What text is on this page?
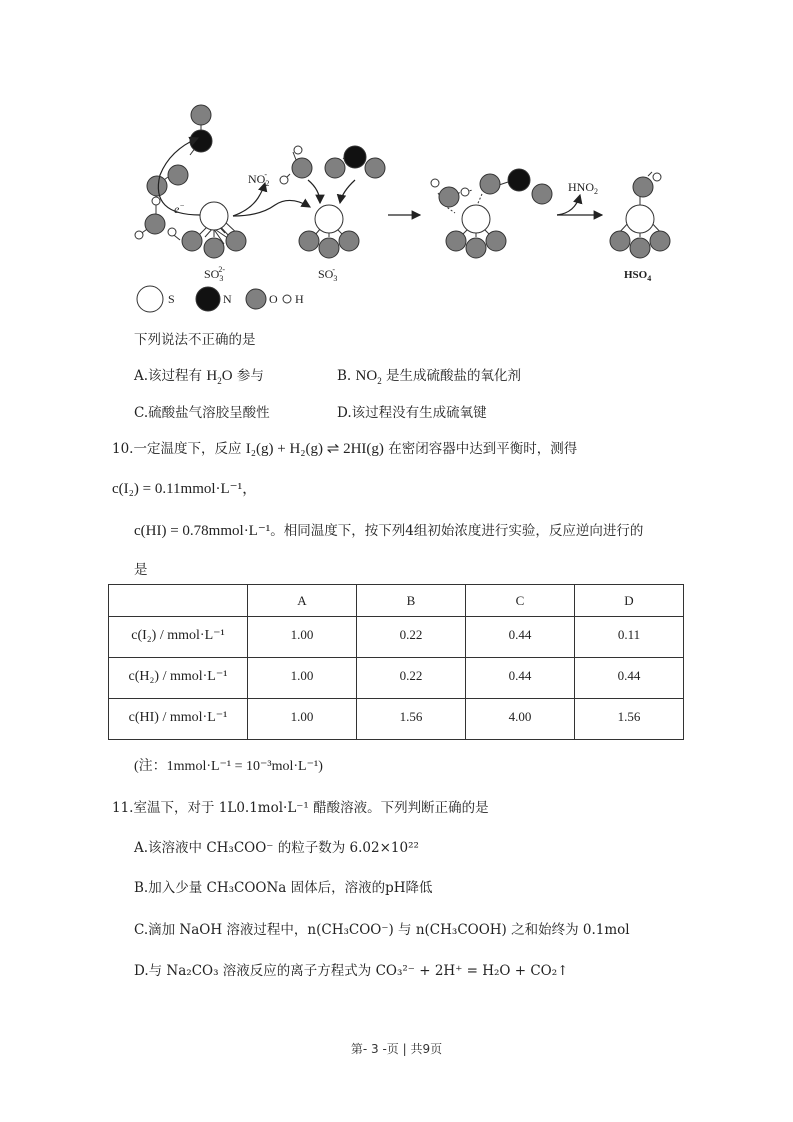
S	N	O H
e−
$SO_32-$	$SO_3-$	$HSO_4$
$NO_2-$
$HNO_2$
下列说法不正确的是
A.该过程有 $H_2O$ 参与	B. $NO_2$ 是生成硫酸盐的氧化剂
C.硫酸盐气溶胶呈酸性	D.该过程没有生成硫氧键
10.一定温度下，反应 I₂(g) + H₂(g) ⇌ 2HI(g) 在密闭容器中达到平衡时，测得
c(I₂) = 0.11mmol·L⁻¹，
c(HI) = 0.78mmol·L⁻¹。相同温度下，按下列4组初始浓度进行实验，反应逆向进行的
是
	A	B	C	D
c(I₂) / mmol·L⁻¹	1.00	0.22	0.44	0.11
c(H₂) / mmol·L⁻¹	1.00	0.22	0.44	0.44
c(HI) / mmol·L⁻¹	1.00	1.56	4.00	1.56
(注：1mmol·L⁻¹ = 10⁻³mol·L⁻¹)
11.室温下，对于 1L0.1mol·L⁻¹ 醋酸溶液。下列判断正确的是
A.该溶液中 CH₃COO⁻ 的粒子数为 6.02×10²²
B.加入少量 CH₃COONa 固体后，溶液的pH降低
C.滴加 NaOH 溶液过程中，n(CH₃COO⁻) 与 n(CH₃COOH) 之和始终为 0.1mol
D.与 Na₂CO₃ 溶液反应的离子方程式为 CO₃²⁻ + 2H⁺ = H₂O + CO₂↑
第- 3 -页 | 共9页
